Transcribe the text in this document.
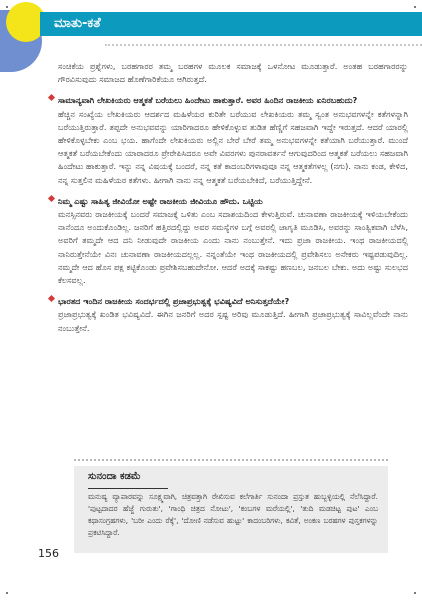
ಮಾತು-ಕತೆ

ಸಂಚಿಕೆಯ ಪ್ರಶ್ನೆಗಳು, ಬರಹಗಾರರ ತಮ್ಮ ಬರಹಗಳ ಮೂಲಕ ಸಮಾಜಕ್ಕೆ ಒಳನೋಟ ಮೂಡುತ್ತಾರೆ. ಅಂತಹ ಬರಹಗಾರರನ್ನು ಗೌರವಿಸುವುದು ಸಮಾಜದ ಹೊಣೆಗಾರಿಕೆಯೂ ಆಗಿರುತ್ತದೆ.

ಸಾಮಾನ್ಯವಾಗಿ ಲೇಖಕಿಯರು ಆತ್ಮಕತೆ ಬರೆಯಲು ಹಿಂದೇಟು ಹಾಕುತ್ತಾರೆ. ಅವರ ಹಿಂದಿನ ರಾಜಕೀಯ ಏನಿರಬಹುದು?

ಹೆಚ್ಚಿನ ಸಂಖ್ಯೆಯ ಲೇಖಕಿಯರು ಆದರ್ಶದ ಮಹಿಳೆಯರ ಕುರಿತೇ ಬರೆಯುವ ಲೇಖಕಿಯರು ತಮ್ಮ ಸ್ವಂತ ಅನುಭವಗಳನ್ನೇ ಕತೆಗಳನ್ನಾಗಿ ಬರೆಯುತ್ತಿರುತ್ತಾರೆ. ತಪ್ಪದೇ ಅನುಭವವನ್ನು ಯಾರಿಗಾದರೂ ಹೇಳಿಕೊಳ್ಳುವ ತುಡಿತ ಹೆಣ್ಣಿಗೆ ಸಹಜವಾಗಿ ಇದ್ದೇ ಇರುತ್ತದೆ. ಆದರೆ ಯಾರಲ್ಲಿ ಹೇಳಿಕೊಳ್ಳಬೇಕು ಎಂಬ ಭಯ. ಹಾಗೆಂದೇ ಲೇಖಕಿಯರು ಅಲ್ಲಿನ ಬೇರೆ ಬೇರೆ ತಮ್ಮ ಅನುಭವಗಳನ್ನೇ ಕತೆಯಾಗಿ ಬರೆಯುತ್ತಾರೆ. ಮುಂದೆ ಆತ್ಮಕತೆ ಬರೆಯಬೇಕೆಂದು ಯಾರಾದರೂ ಪ್ರೇರೇಪಿಸಿದರೂ ಅವೇ ವಿವರಗಳು ಪುನರಾವರ್ತನೆ ಆಗುವುದರಿಂದ ಆತ್ಮಕತೆ ಬರೆಯಲು ಸಹಜವಾಗಿ ಹಿಂದೇಟು ಹಾಕುತ್ತಾರೆ. ಇನ್ನು ನನ್ನ ವಿಷಯಕ್ಕೆ ಬಂದರೆ, ನನ್ನ ಕತೆ ಕಾದಂಬರಿಗಳಾವುವೂ ನನ್ನ ಆತ್ಮಕತೆಗಳಲ್ಲ (ನಗು). ನಾನು ಕಂಡ, ಕೇಳಿದ, ನನ್ನ ಸುತ್ತಲಿನ ಮಹಿಳೆಯರ ಕತೆಗಳು. ಹೀಗಾಗಿ ನಾನು ನನ್ನ ಆತ್ಮಕತೆ ಬರೆಯಬೇಕಿದೆ, ಬರೆಯುತ್ತಿದ್ದೇನೆ.

ನಿಮ್ಮ ಎಷ್ಟು ಸಾಹಿತ್ಯ ಜೀವಿಯೋ ಅಷ್ಟೇ ರಾಜಕೀಯ ಜೀವಿಯೂ ಹೌದು. ಒಟ್ಟಿಯ

ಮನಸ್ಸಿನವರು ರಾಜಕೀಯಕ್ಕೆ ಬಂದರೆ ಸಮಾಜಕ್ಕೆ ಒಳಿತು ಎಂಬ ಸದಾಶಯದಿಂದ ಕೇಳುತ್ತಿರುವೆ. ಚುನಾವಣಾ ರಾಜಕೀಯಕ್ಕೆ ಇಳಿಯಬೇಕೆಂದು ನಾನೆಂದೂ ಅಂದುಕೊಂಡಿಲ್ಲ. ಜನರಿಗೆ ಹತ್ತಿರದಲ್ಲಿದ್ದು ಅವರ ಸಮಸ್ಯೆಗಳ ಬಗ್ಗೆ ಅವರಲ್ಲಿ ಜಾಗೃತಿ ಮೂಡಿಸಿ, ಅವರನ್ನು ಸಾಂತ್ವಿಕವಾಗಿ ಬೆಳೆಸಿ, ಅವರಿಗೆ ತಮ್ಮದೇ ಆದ ದನಿ ನೀಡುವುದೇ ರಾಜಕೀಯ ಎಂದು ನಾನು ನಂಬುತ್ತೇನೆ. ಇದು ಪ್ರಜಾ ರಾಜಕೀಯ. ಇಂಥ ರಾಜಕೀಯದಲ್ಲಿ ನಾನಿರುತ್ತೇನೆಯೇ ವಿನಃ ಚುನಾವಣಾ ರಾಜಕೀಯದಲ್ಲಲ್ಲ. ನನ್ನಂತೆಯೇ ಇಂಥ ರಾಜಕೀಯದಲ್ಲಿ ಪ್ರವೇಶಿಸಲು ಅನೇಕರು ಇಷ್ಟಪಡುವುದಿಲ್ಲ. ನಮ್ಮದೇ ಆದ ಹೊಸ ಪಕ್ಷ ಕಟ್ಟಿಕೊಂಡು ಪ್ರವೇಶಿಸಬಹುದೇನೋ. ಆದರೆ ಅದಕ್ಕೆ ಸಾಕಷ್ಟು ಹಣಬಲ, ಜನಬಲ ಬೇಕು. ಅದು ಅಷ್ಟು ಸುಲಭದ ಕೆಲಸವಲ್ಲ.

ಭಾರತದ ಇಂದಿನ ರಾಜಕೀಯ ಸಂದರ್ಭದಲ್ಲಿ ಪ್ರಜಾಪ್ರಭುತ್ವಕ್ಕೆ ಭವಿಷ್ಯವಿದೆ ಅನಿಸುತ್ತದೆಯೇ?

ಪ್ರಜಾಪ್ರಭುತ್ವಕ್ಕೆ ಖಂಡಿತ ಭವಿಷ್ಯವಿದೆ. ಈಗಿನ ಜನರಿಗೆ ಅದರ ಸ್ಪಷ್ಟ ಅರಿವು ಮೂಡುತ್ತಿದೆ. ಹೀಗಾಗಿ ಪ್ರಜಾಪ್ರಭುತ್ವಕ್ಕೆ ಸಾವಿಲ್ಲವೆಂದೇ ನಾನು ನಂಬುತ್ತೇನೆ.

ಸುನಂದಾ ಕಡಮೆ

ಮನುಷ್ಯ ವ್ಯಾಪಾರವನ್ನು ಸೂಕ್ಷ್ಮವಾಗಿ, ಚಿತ್ರವತ್ತಾಗಿ ರೇಖಿಸುವ ಕಲೆಗಾರ್ತಿ ಸುನಂದಾ ಪ್ರಸ್ತುತ ಹುಬ್ಬಳ್ಳಿಯಲ್ಲಿ ನೆಲೆಸಿದ್ದಾರೆ. 'ಪುಟ್ಟದಾದರ ಹೆಜ್ಜೆ ಗುರುತು', 'ಗಾಂಧಿ ಚಿತ್ರದ ನೋಟು', 'ಕಂಬಗಳ ಮರೆಯಲ್ಲಿ', 'ತುದಿ ಮಡಚಿಟ್ಟ ಪುಟ' ಎಂಬ ಕಥಾಸಂಗ್ರಹಗಳು, 'ಬರೀ ಎಂದು ರೆಕ್ಕೆ', 'ದೋಣಿ ನಡೆಸುವ ಹುಟ್ಟು' ಕಾದಂಬರಿಗಳು, ಕವಿತೆ, ಅಂಕಣ ಬರಹಗಳ ಪುಸ್ತಕಗಳನ್ನು ಪ್ರಕಟಿಸಿದ್ದಾರೆ.

156
